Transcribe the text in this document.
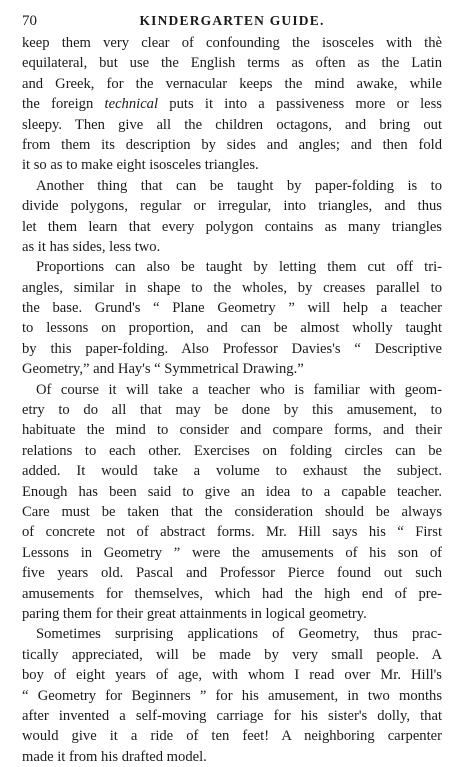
70	KINDERGARTEN GUIDE.
keep them very clear of confounding the isosceles with thè
equilateral, but use the English terms as often as the Latin
and Greek, for the vernacular keeps the mind awake, while
the foreign technical puts it into a passiveness more or less
sleepy. Then give all the children octagons, and bring out
from them its description by sides and angles; and then fold
it so as to make eight isosceles triangles.
Another thing that can be taught by paper-folding is to
divide polygons, regular or irregular, into triangles, and thus
let them learn that every polygon contains as many triangles
as it has sides, less two.
Proportions can also be taught by letting them cut off tri-
angles, similar in shape to the wholes, by creases parallel to
the base. Grund's “ Plane Geometry ” will help a teacher
to lessons on proportion, and can be almost wholly taught
by this paper-folding. Also Professor Davies's “ Descriptive
Geometry,” and Hay's “ Symmetrical Drawing.”
Of course it will take a teacher who is familiar with geom-
etry to do all that may be done by this amusement, to
habituate the mind to consider and compare forms, and their
relations to each other. Exercises on folding circles can be
added. It would take a volume to exhaust the subject.
Enough has been said to give an idea to a capable teacher.
Care must be taken that the consideration should be always
of concrete not of abstract forms. Mr. Hill says his “ First
Lessons in Geometry ” were the amusements of his son of
five years old. Pascal and Professor Pierce found out such
amusements for themselves, which had the high end of pre-
paring them for their great attainments in logical geometry.
Sometimes surprising applications of Geometry, thus prac-
tically appreciated, will be made by very small people. A
boy of eight years of age, with whom I read over Mr. Hill's
“ Geometry for Beginners ” for his amusement, in two months
after invented a self-moving carriage for his sister's dolly, that
would give it a ride of ten feet! A neighboring carpenter
made it from his drafted model.
